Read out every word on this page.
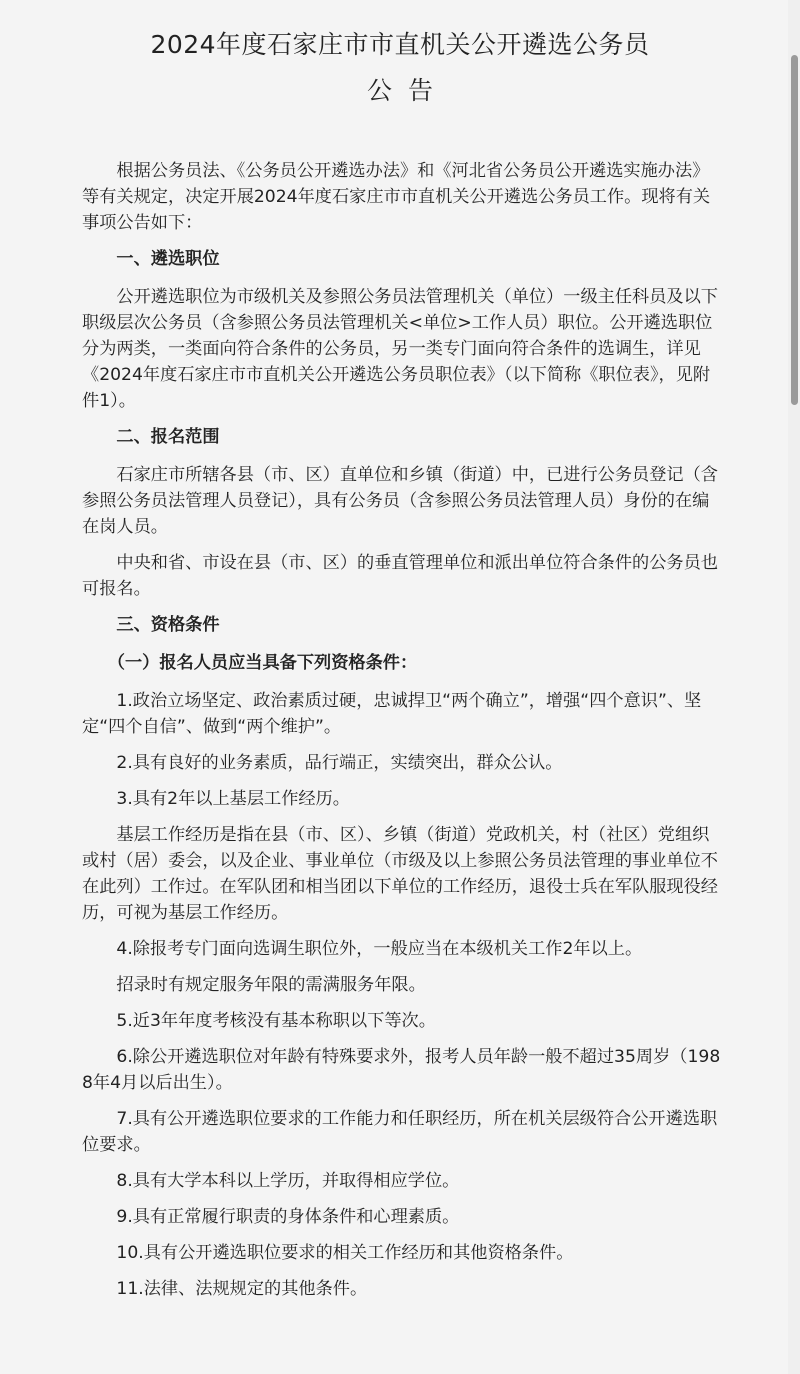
2024年度石家庄市市直机关公开遴选公务员
公  告

根据公务员法、《公务员公开遴选办法》和《河北省公务员公开遴选实施办法》等有关规定，决定开展2024年度石家庄市市直机关公开遴选公务员工作。现将有关事项公告如下：

一、遴选职位

公开遴选职位为市级机关及参照公务员法管理机关（单位）一级主任科员及以下职级层次公务员（含参照公务员法管理机关<单位>工作人员）职位。公开遴选职位分为两类，一类面向符合条件的公务员，另一类专门面向符合条件的选调生，详见《2024年度石家庄市市直机关公开遴选公务员职位表》（以下简称《职位表》，见附件1）。

二、报名范围

石家庄市所辖各县（市、区）直单位和乡镇（街道）中，已进行公务员登记（含参照公务员法管理人员登记），具有公务员（含参照公务员法管理人员）身份的在编在岗人员。

中央和省、市设在县（市、区）的垂直管理单位和派出单位符合条件的公务员也可报名。

三、资格条件

（一）报名人员应当具备下列资格条件：

1.政治立场坚定、政治素质过硬，忠诚捍卫“两个确立”，增强“四个意识”、坚定“四个自信”、做到“两个维护”。

2.具有良好的业务素质，品行端正，实绩突出，群众公认。

3.具有2年以上基层工作经历。

基层工作经历是指在县（市、区）、乡镇（街道）党政机关，村（社区）党组织或村（居）委会，以及企业、事业单位（市级及以上参照公务员法管理的事业单位不在此列）工作过。在军队团和相当团以下单位的工作经历，退役士兵在军队服现役经历，可视为基层工作经历。

4.除报考专门面向选调生职位外，一般应当在本级机关工作2年以上。

招录时有规定服务年限的需满服务年限。

5.近3年年度考核没有基本称职以下等次。

6.除公开遴选职位对年龄有特殊要求外，报考人员年龄一般不超过35周岁（1988年4月以后出生）。

7.具有公开遴选职位要求的工作能力和任职经历，所在机关层级符合公开遴选职位要求。

8.具有大学本科以上学历，并取得相应学位。

9.具有正常履行职责的身体条件和心理素质。

10.具有公开遴选职位要求的相关工作经历和其他资格条件。

11.法律、法规规定的其他条件。
